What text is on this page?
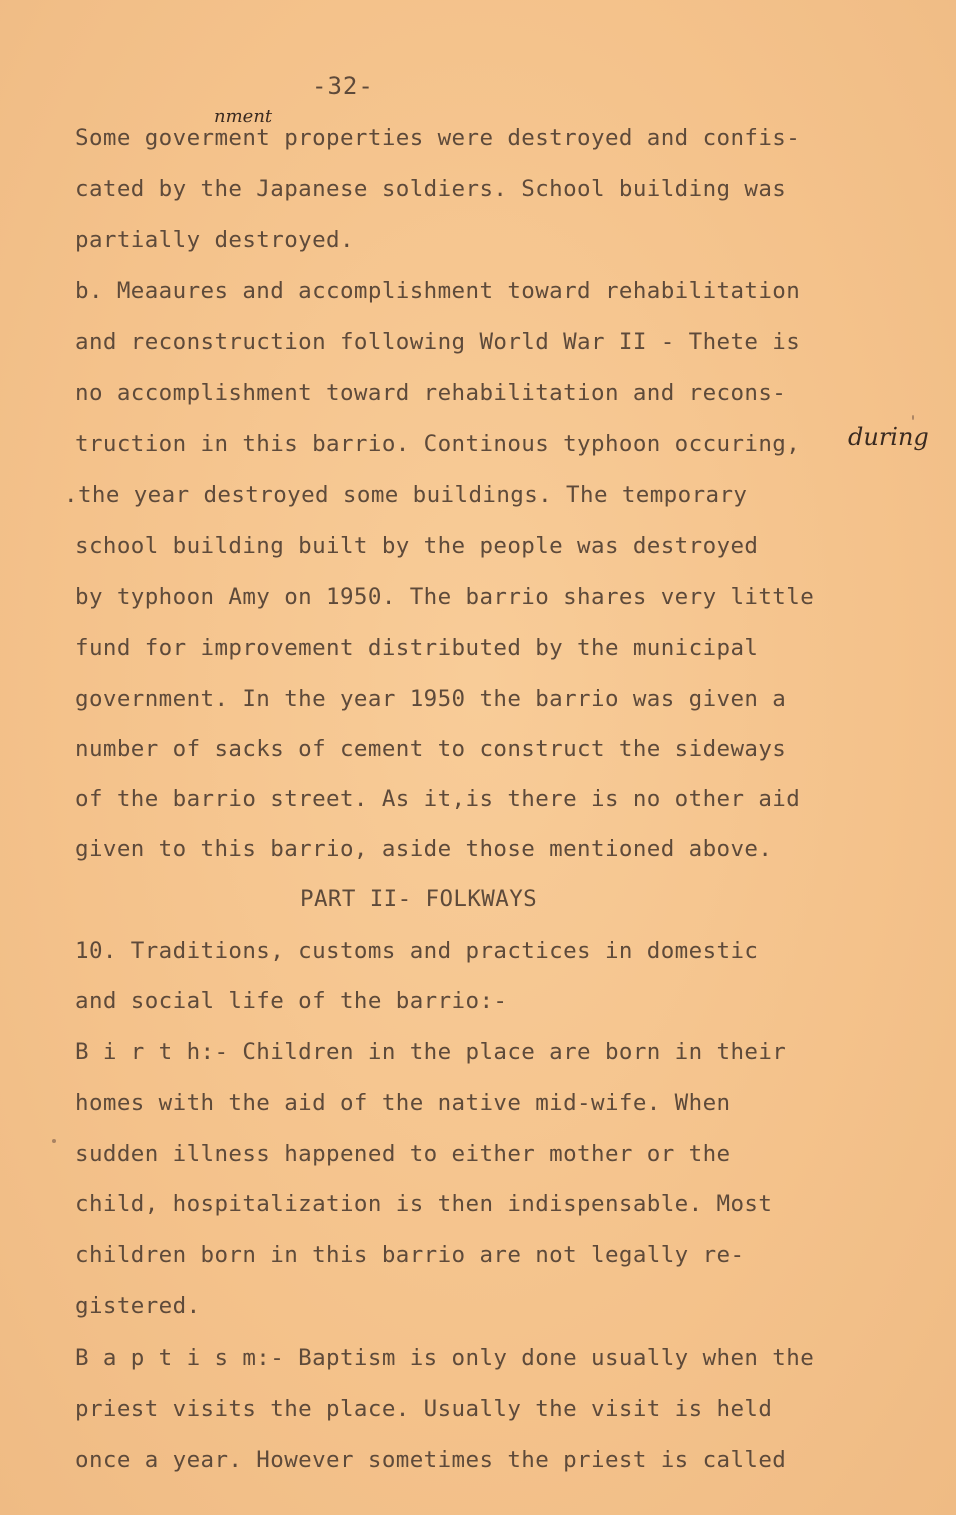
-32-
nment
during
Some goverment properties were destroyed and confis-
cated by the Japanese soldiers. School building was
partially destroyed.
b. Meaaures and accomplishment toward rehabilitation
and reconstruction following World War II - Thete is
no accomplishment toward rehabilitation and recons-
truction in this barrio. Continous typhoon occuring,
.the year destroyed some buildings. The temporary
school building built by the people was destroyed
by typhoon Amy on 1950. The barrio shares very little
fund for improvement distributed by the municipal
government. In the year 1950 the barrio was given a
number of sacks of cement to construct the sideways
of the barrio street. As it,is there is no other aid
given to this barrio, aside those mentioned above.
PART II- FOLKWAYS
10. Traditions, customs and practices in domestic
and social life of the barrio:-
B i r t h:- Children in the place are born in their
homes with the aid of the native mid-wife. When
sudden illness happened to either mother or the
child, hospitalization is then indispensable. Most
children born in this barrio are not legally re-
gistered.
B a p t i s m:- Baptism is only done usually when the
priest visits the place. Usually the visit is held
once a year. However sometimes the priest is called
